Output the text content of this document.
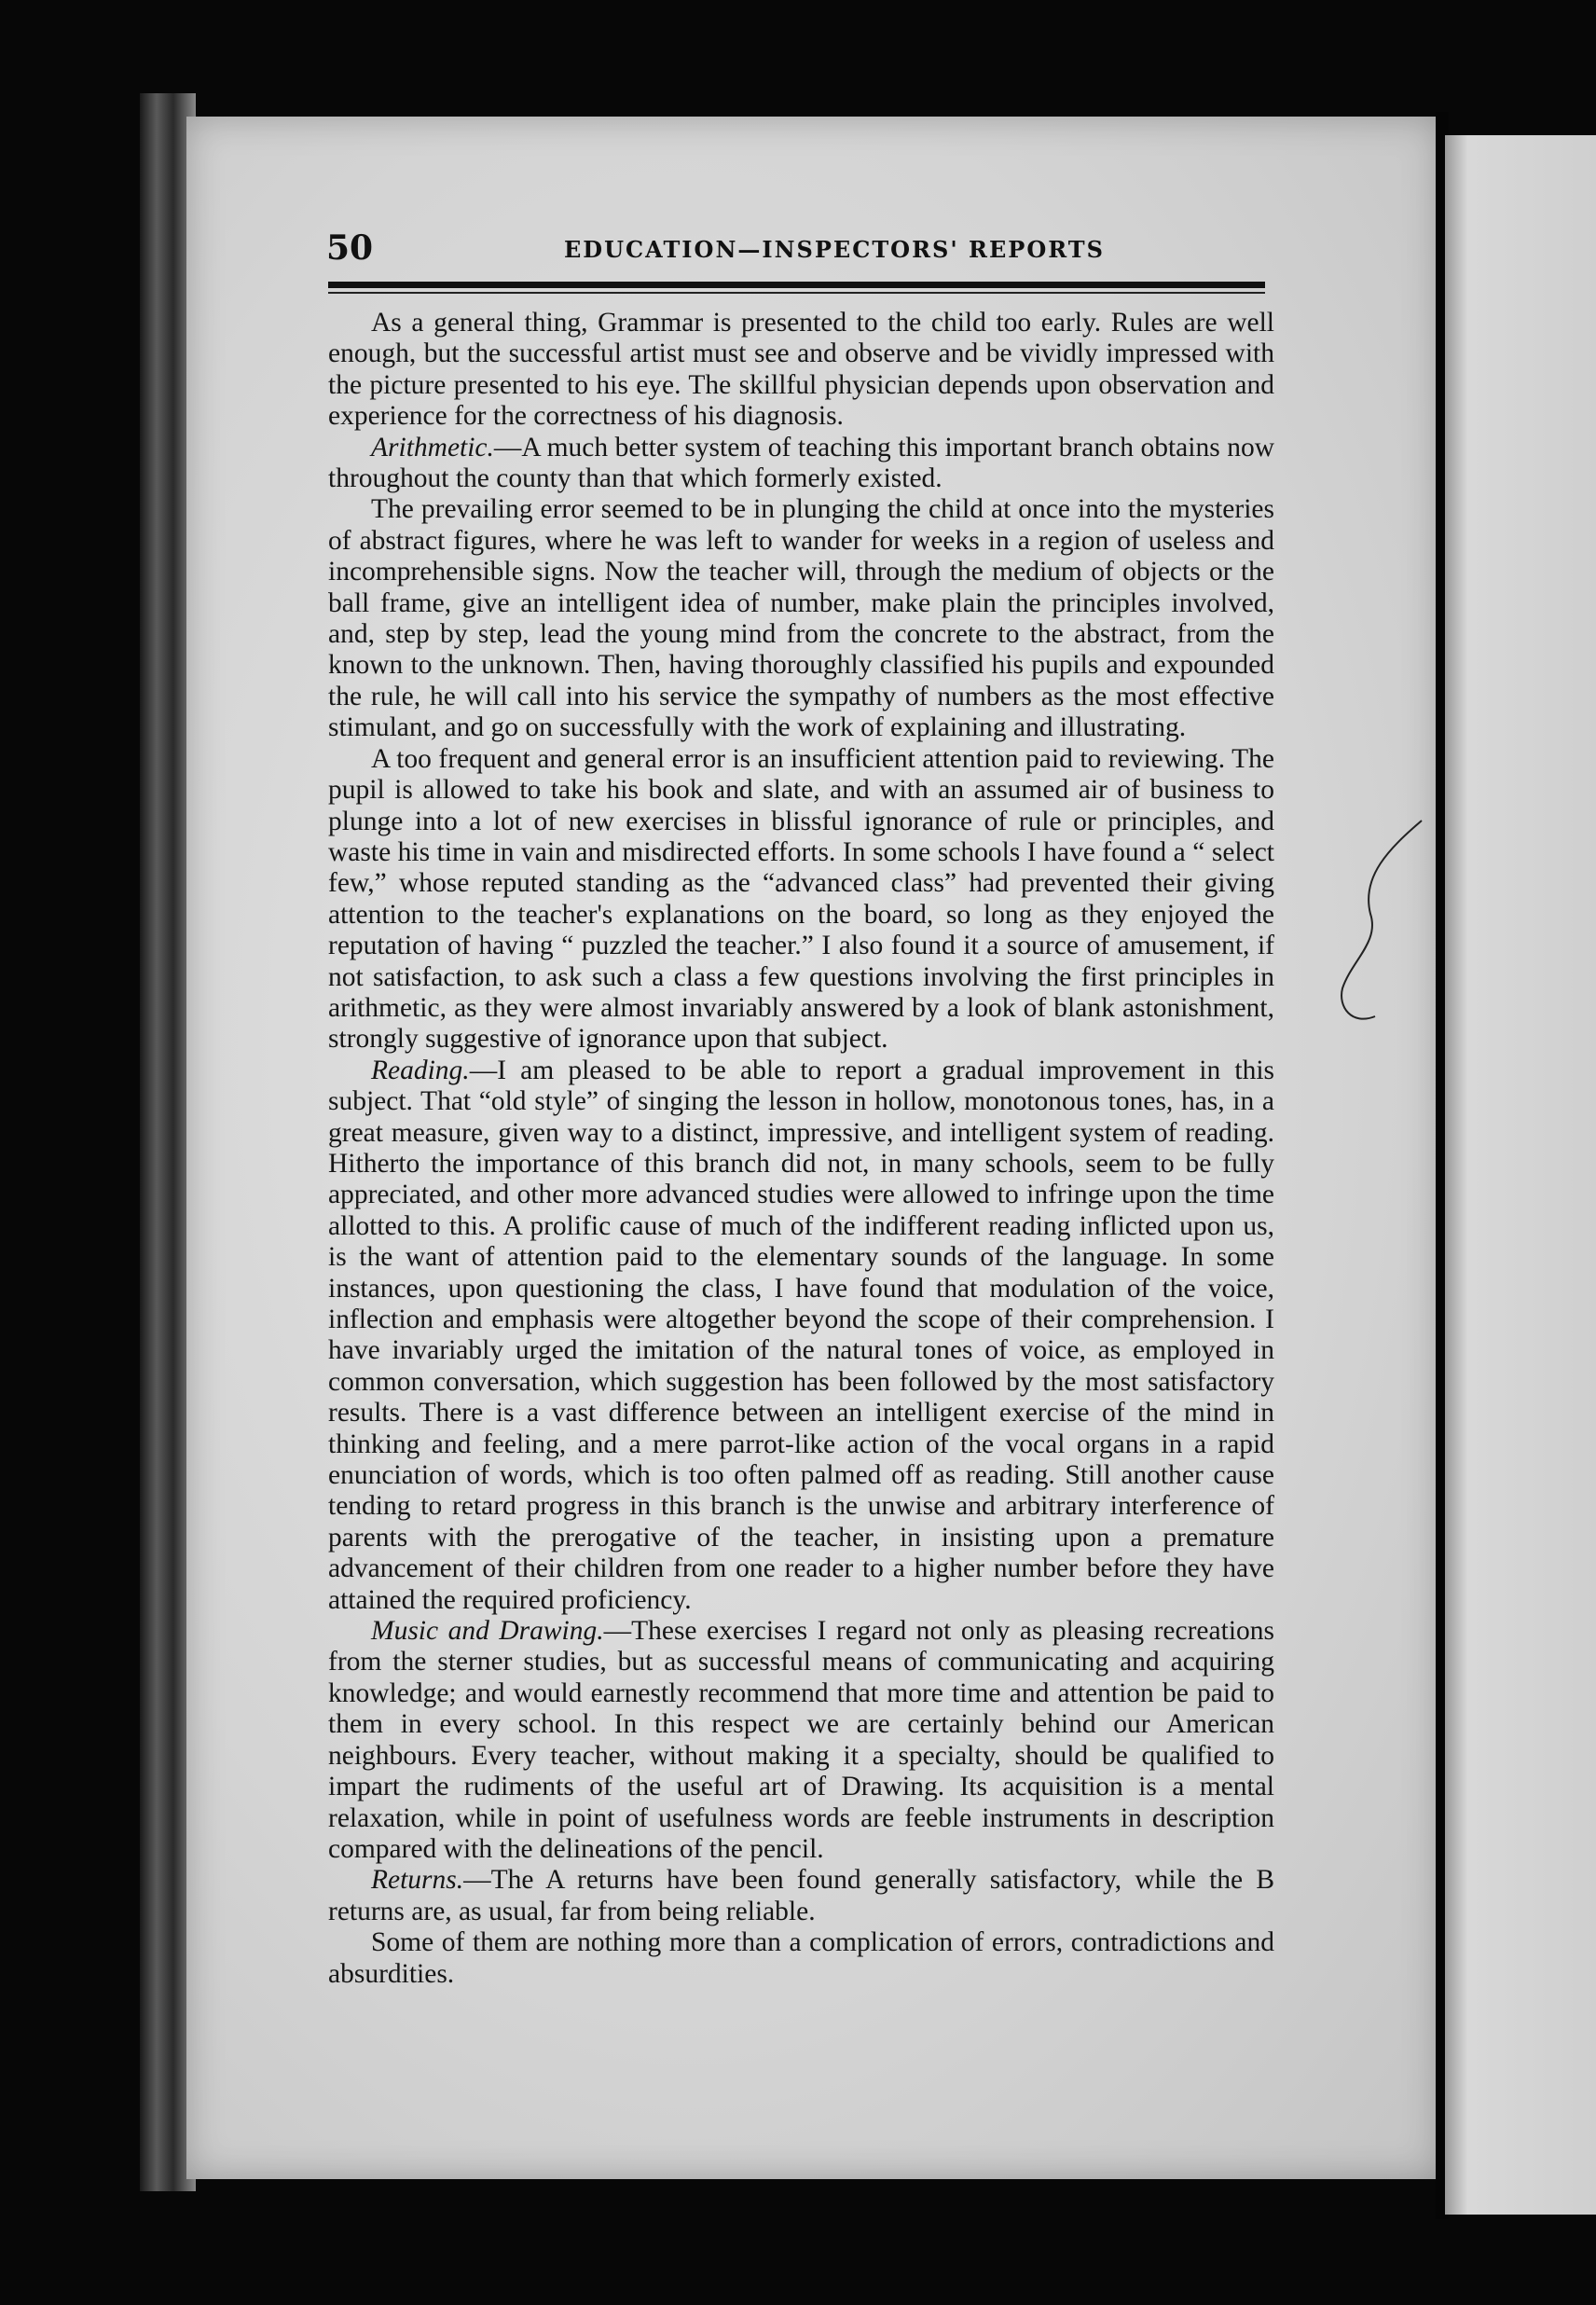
50	EDUCATION—INSPECTORS' REPORTS

As a general thing, Grammar is presented to the child too early. Rules are well enough, but the successful artist must see and observe and be vividly impressed with the picture presented to his eye. The skillful physician depends upon observation and experience for the correctness of his diagnosis.

Arithmetic.—A much better system of teaching this important branch obtains now throughout the county than that which formerly existed.

The prevailing error seemed to be in plunging the child at once into the mysteries of abstract figures, where he was left to wander for weeks in a region of useless and incomprehensible signs. Now the teacher will, through the medium of objects or the ball frame, give an intelligent idea of number, make plain the principles involved, and, step by step, lead the young mind from the concrete to the abstract, from the known to the unknown. Then, having thoroughly classified his pupils and expounded the rule, he will call into his service the sympathy of numbers as the most effective stimulant, and go on successfully with the work of explaining and illustrating.

A too frequent and general error is an insufficient attention paid to reviewing. The pupil is allowed to take his book and slate, and with an assumed air of business to plunge into a lot of new exercises in blissful ignorance of rule or principles, and waste his time in vain and misdirected efforts. In some schools I have found a “ select few,” whose reputed standing as the “advanced class” had prevented their giving attention to the teacher's explanations on the board, so long as they enjoyed the reputation of having “ puzzled the teacher.” I also found it a source of amusement, if not satisfaction, to ask such a class a few questions involving the first principles in arithmetic, as they were almost invariably answered by a look of blank astonishment, strongly suggestive of ignorance upon that subject.

Reading.—I am pleased to be able to report a gradual improvement in this subject. That “old style” of singing the lesson in hollow, monotonous tones, has, in a great measure, given way to a distinct, impressive, and intelligent system of reading. Hitherto the importance of this branch did not, in many schools, seem to be fully appreciated, and other more advanced studies were allowed to infringe upon the time allotted to this. A prolific cause of much of the indifferent reading inflicted upon us, is the want of attention paid to the elementary sounds of the language. In some instances, upon questioning the class, I have found that modulation of the voice, inflection and emphasis were altogether beyond the scope of their comprehension. I have invariably urged the imitation of the natural tones of voice, as employed in common conversation, which suggestion has been followed by the most satisfactory results. There is a vast difference between an intelligent exercise of the mind in thinking and feeling, and a mere parrot-like action of the vocal organs in a rapid enunciation of words, which is too often palmed off as reading. Still another cause tending to retard progress in this branch is the unwise and arbitrary interference of parents with the prerogative of the teacher, in insisting upon a premature advancement of their children from one reader to a higher number before they have attained the required proficiency.

Music and Drawing.—These exercises I regard not only as pleasing recreations from the sterner studies, but as successful means of communicating and acquiring knowledge; and would earnestly recommend that more time and attention be paid to them in every school. In this respect we are certainly behind our American neighbours. Every teacher, without making it a specialty, should be qualified to impart the rudiments of the useful art of Drawing. Its acquisition is a mental relaxation, while in point of usefulness words are feeble instruments in description compared with the delineations of the pencil.

Returns.—The A returns have been found generally satisfactory, while the B returns are, as usual, far from being reliable.

Some of them are nothing more than a complication of errors, contradictions and absurdities.
